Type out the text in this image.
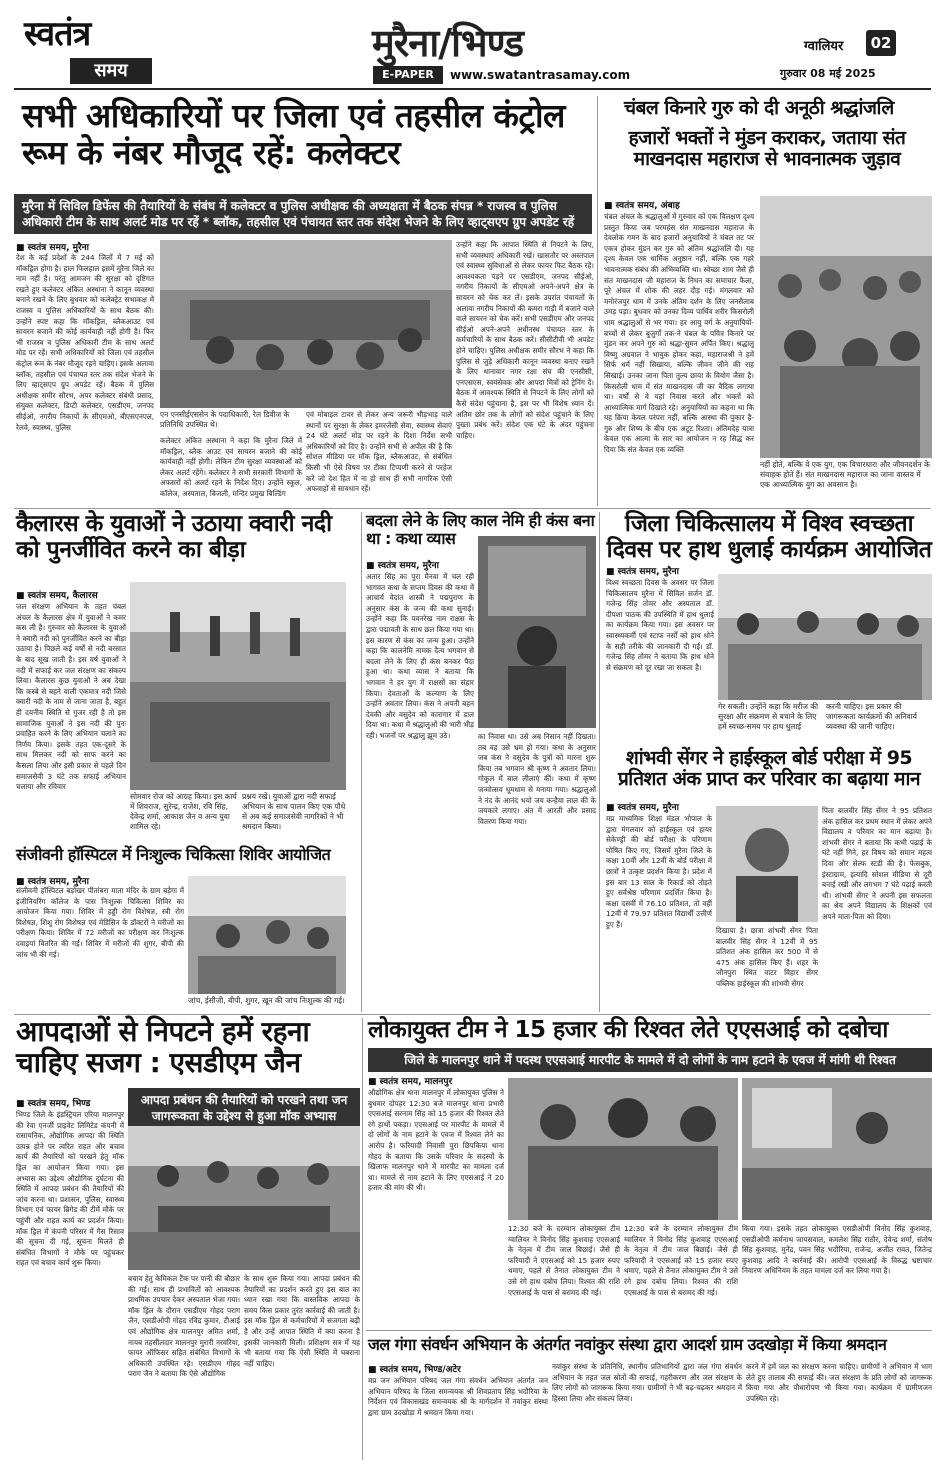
स्वतंत्र
समय
मुरैना/भिण्ड
E-PAPER	www.swatantrasamay.com
ग्वालियर	02
गुरुवार 08 मई 2025
सभी अधिकारियों पर जिला एवं तहसील कंट्रोल रूम के नंबर मौजूद रहें: कलेक्टर
मुरैना में सिविल डिफेंस की तैयारियों के संबंध में कलेक्टर व पुलिस अधीक्षक की अध्यक्षता में बैठक संपन्न * राजस्व व पुलिस अधिकारी टीम के साथ अलर्ट मोड पर रहें * ब्लॉक, तहसील एवं पंचायत स्तर तक संदेश भेजने के लिए व्हाट्सएप ग्रुप अपडेट रहें
■ स्वतंत्र समय, मुरैना
देश के कई प्रदेशों के 244 जिलों में 7 मई को मॉकड्रिल होगा है। हाल फिलहाल इसमें मुरैना जिले का नाम नहीं है। परंतु आमजन की सुरक्षा को दृष्टिगत रखते हुए कलेक्टर अंकित अस्थाना ने कानून व्यवस्था बनाने रखने के लिए बुधवार को कलेक्ट्रेट सभाकक्ष में राजस्व व पुलिस अधिकारियों के साथ बैठक की। उन्होंने स्पष्ट कहा कि मॉकड्रिल, ब्लैकआउट एवं सायरन बजाने की कोई कार्यवाही नहीं होगी है। फिर भी राजस्व व पुलिस अधिकारी टीम के साथ अलर्ट मोड पर रहें। सभी अधिकारियों को जिला एवं तहसील कंट्रोल रूम के नंबर मौजूद रहने चाहिए। इसके अलावा ब्लॉक, तहसील एवं पंचायत स्तर तक संदेश भेजने के लिए व्हाट्सएप ग्रुप अपडेट रहें। बैठक में पुलिस अधीक्षक समीर सौरभ, अपर कलेक्टर संबंधी प्रसाद, संयुक्त कलेक्टर, डिप्टी कलेक्टर, एसडीएम, जनपद सीईओ, नगरीय निकायों के सीएमओ, बीएसएनएल, रेलवे, स्वास्थ्य, पुलिस
एन एनसीईएससेन के पदाधिकारी, रेल डिवीज के प्रतिनिधि उपस्थित थे।
कलेक्टर अंकित अस्थाना ने कहा कि मुरैना जिले में मॉकड्रिल, ब्लैक आउट एवं सायरन बजाने की कोई कार्यवाही नहीं होगी। लेकिन टीम सुरक्षा व्यवस्थाओं को लेकर अलर्ट रहेंगे। कलेक्टर ने सभी सरकारी विभागों के अफसरों को अलर्ट रहने के निर्देश दिए। उन्होंने स्कूल, कॉलेज, अस्पताल, बिजली, मन्दिर प्रमुख बिल्डिंग
एवं मोबाइल टावर से लेकर अन्य जरूरी भीड़भाड़ वाले स्थानों पर सुरक्षा के लेकर इमरजेंसी सेवा, स्वास्थ्य सेवाएं 24 घंटे अलर्ट मोड पर रहने के दिशा निर्देश सभी अधिकारियों को दिए है। उन्होंने सभी से अपील की है कि सोशल मीडिया पर मॉक ड्रिल, ब्लैकआउट, से संबंधित किसी भी ऐसे विषय पर टीका टिप्पणी करने से परहेज करें जो देश हित में ना हो साथ ही सभी नागरिक ऐसी अफवाहों से सावधान रहें।
उन्होंने कहा कि आपात स्थिति से निपटने के लिए, सभी व्यवस्थाएं अधिकारी रखें। खासतौर पर अस्तपाल एवं स्वास्थ्य सुविधाओं से लेकर फायर फिट बैठक रहें। आवश्यकता पड़ने पर एसडीएम, जनपद सीईओ, नगरीय निकायों के सीएमओ अपने-अपने क्षेत्र के सायरन को चेक कर लें। इसके उपरांत पंचायतों के अलावा नगरीय निकायों की कमरा गाड़ी में बजाने वाले वाले सायरन को चेक करें। सभी एसडीएम और जनपद सीईओ अपने-अपने अधीनस्थ पंचायत स्तर के कर्मचारियों के साथ बैठक करें। सीसीटीवी भी अपडेट होने चाहिए। पुलिस अधीक्षक समीर सौरभ ने कहा कि पुलिस से जुड़े अधिकारी कानून व्यवस्था बनाए रखने के लिए थानावार नगर रक्षा संघ की एनसीसी, एनएसएस, स्वयंसेवक और आपदा मित्रों को ट्रेनिंग दें। बैठक में आवश्यक स्थिति से निपटने के लिए लोगों को कैसे संदेश पहुंचाना है, इस पर भी विशेष ध्यान दें। अतिम छोर तक के लोगों को संदेश पहुंचाने के लिए पुख्ता प्रबंध करें। संदेश एक घंटे के अंदर पहुंचना चाहिए।
चंबल किनारे गुरु को दी अनूठी श्रद्धांजलि
हजारों भक्तों ने मुंडन कराकर, जताया संत माखनदास महाराज से भावनात्मक जुड़ाव
■ स्वतंत्र समय, अंबाह
चंबल अंचल के श्रद्धालुओं में गुरुवार को एक विलक्षण दृश्य प्रस्तुत किया जब परमहंस संत माखनदास महाराज के देवलोक गमन के बाद हजारों अनुयायियों ने चंबल तट पर एकत्र होकर मुंडन कर गुरु को अंतिम श्रद्धांजलि दी। यह दृश्य केवल एक धार्मिक अनुष्ठान नहीं, बल्कि एक गहरे भावनात्मक संबंध की अभिव्यक्ति था। स्वेच्छा शाम जैसे ही संत माखनदास जी महाराज के निधन का समाचार फैला, पूरे अंचल में शोक की लहर दौड़ गई। मंगलवार को मनोरंजपुर धाम में उनके अंतिम दर्शन के लिए जनसैलाब उमड़ पड़ा। बुधवार को उनका दिव्य पार्थिव शरीर किसरोली धाम श्रद्धालुओं से भर गया। हर आयु वर्ग के अनुयायियों-बच्चों से लेकर बुजुर्गों तक-ने चंबल के पवित्र किनारे पर मुंडन कर अपने गुरु को श्रद्धा-सुमन अर्पित किए। श्रद्धालु विष्णु अग्रवाल ने भावुक होकर कहा, महाराजश्री ने हमें सिर्फ धर्म नहीं सिखाया, बल्कि जीवन जीने की राह सिखाई। उनका जाना पिता तुल्य छाया के वियोग जैसा है। किसरोली धाम में संत माखनदास जी का वैदिक लगाया था। वर्षों से वे यहां निवास करते और भक्तों को आध्यात्मिक मार्ग दिखाते रहे। अनुयायियों का कहना था कि यह क्रिया केवल परंपरा नहीं, बल्कि आस्था की पुकार है-गुरु और शिष्य के बीच एक अटूट रिश्ता। अंतिमदेह यात्रा केवल एक आत्मा के सार का आयोजन न रह सिद्ध कर दिया कि संत केवल एक व्यक्ति
नहीं होते, बल्कि वे एक युग, एक विचारधारा और जीवनदर्शन के संवाहक होते हैं। संत माखनदास महाराज का जाना वास्तव में एक आध्यात्मिक युग का अवसान है।
कैलारस के युवाओं ने उठाया क्वारी नदी को पुनर्जीवित करने का बीड़ा
■ स्वतंत्र समय, कैलारस
जल संरक्षण अभियान के तहत चंबल अंचल के कैलारस क्षेत्र में युवाओं ने कमर कस ली है। गुरुवार को कैलारस के युवाओं ने क्वारी नदी को पुनर्जीवित करने का बीड़ा उठाया है। पिछले कई वर्षों से नदी बरसात के बाद सूख जाती है। इस वर्ष युवाओं ने नदी में सफाई कर जल संरक्षण का संकल्प लिया। कैलारस कुछ युवाओं ने अब देखा कि कस्बे से बहने वाली एकमात्र नदी जिसे क्वारी नदी के नाम से जाना जाता है, बहुत ही दयनीय स्थिति से गुजर रही है तो इस सामाजिक युवाओं ने इस नदी की पुनः प्रवाहित करने के लिए अभियान चलाने का निर्णय किया। इसके तहत एक-दूसरे के साथ मिलकर नदी को साफ करने का कैसला लिया और इसी प्रकार से पहले दिन समाजसेवी 3 घंटे तक सफाई अभियान चलाया और रविवार
सोमवार रोज को आग्रह किया। इस कार्य में शिवराज, सुरेन्द्र, राजेश, रवि सिंह, देवेन्द्र शर्मा, आकाश जैन व अन्य युवा शामिल रहे।
प्रश्नय रखें। युवाओं द्वारा नदी सफाई अभियान के साथ पालन किए एक पौधे से अब कई समाजसेवी नागरिकों ने भी श्रमदान किया।
संजीवनी हॉस्पिटल में निःशुल्क चिकित्सा शिविर आयोजित
■ स्वतंत्र समय, मुरैना
संजीवनी हॉस्पिटल बड़ोखर पीतांबरा माता मंदिर के ग्राम बड़ेगा में इंजीनियरिंग कॉलेज के पास निःशुल्क चिकित्सा शिविर का आयोजन किया गया। शिविर में हड्डी रोग विशेषज्ञ, स्त्री रोग विशेषज्ञ, शिशु रोग विशेषज्ञ एवं मेडिसिन के डॉक्टरों ने मरीजों का परीक्षण किया। शिविर में 72 मरीजों का परीक्षण कर निःशुल्क दवाइयां वितरित की गईं। शिविर में मरीजों की शुगर, बीपी की जांच भी की गई।
जांच, ईसीजी, बीपी, शुगर, खून की जांच निःशुल्क की गई।
बदला लेने के लिए काल नेमि ही कंस बना था : कथा व्यास
■ स्वतंत्र समय, मुरैना
अतार सिंह का पुरा मैनवा में चल रही भागवत कथा के सप्तम दिवस की कथा में आचार्य वेदांत शास्त्री ने पद्मपुराण के अनुसार कंस के जन्म की कथा सुनाई। उन्होंने कहा कि पवनरेख नाम राक्षस के द्वारा पद्मावती के साथ छल किया गया था। इस कारण से कंस का जन्म हुआ। उन्होंने कहा कि कालनेमि नामक दैत्य भगवान से बदला लेने के लिए ही कंस बनकर पैदा हुआ था। कथा व्यास ने बताया कि भगवान ने हर युग में राक्षसों का संहार किया। देवताओं के कल्याण के लिए उन्होंने अवतार लिया। कंस ने अपनी बहन देवकी और वसुदेव को कारागार में डाल दिया था। कथा में श्रद्धालुओं की भारी भीड़ रही। भजनों पर श्रद्धालु झूम उठे।	का निवास था। उसे अब निसान नहीं दिखता। तब वह उसे भ्रम हो गया। कथा के अनुसार जब कंस ने वसुदेव के पुत्रों को मारना शुरू किया तब भगवान श्री कृष्ण ने अवतार लिया। गोकुल में बाल लीलाएं कीं। कथा में कृष्ण जन्मोत्सव धूमधाम से मनाया गया। श्रद्धालुओं ने नंद के आनंद भयो जय कन्हैया लाल की के जयकारे लगाए। अंत में आरती और प्रसाद वितरण किया गया।
जिला चिकित्सालय में विश्व स्वच्छता दिवस पर हाथ धुलाई कार्यक्रम आयोजित
■ स्वतंत्र समय, मुरैना
विश्व स्वच्छता दिवस के अवसर पर जिला चिकित्सालय मुरैना में सिविल सर्जन डॉ. गजेन्द्र सिंह तोमर और अस्पताल डॉ. दीपशा पाठक की उपस्थिति में हाथ धुलाई का कार्यक्रम किया गया। इस अवसर पर स्वास्थ्यकर्मी एवं स्टाफ नर्सों को हाथ धोने के सही तरीके की जानकारी दी गई। डॉ. गजेन्द्र सिंह तोमर ने बताया कि हाथ धोने से संक्रमण को दूर रखा जा सकता है।
गेर सकती। उन्होंने कहा कि मरीज की सुरक्षा और संक्रमण से बचाने के लिए हमें स्वच्छ-समय पर हाथ धुलाई
करनी चाहिए। इस प्रकार की जागरूकता कार्यक्रमों की अनिवार्य व्यवस्था की जानी चाहिए।
शांभवी सेंगर ने हाईस्कूल बोर्ड परीक्षा में 95 प्रतिशत अंक प्राप्त कर परिवार का बढ़ाया मान
■ स्वतंत्र समय, मुरैना
मप्र माध्यमिक शिक्षा मंडल भोपाल के द्वारा मंगलवार को हाईस्कूल एवं हायर सेकेण्ड्री की बोर्ड परीक्षा के परिणाम घोषित किए गए, जिसमें मुरैना जिले के कक्षा 10वीं और 12वीं के बोर्ड परीक्षा में छात्रों ने उत्कृष्ट प्रदर्शन किया है। प्रदेश में इस बार 13 साल के रिकार्ड को तोड़ते हुए सर्वश्रेष्ठ परिणाम प्रदर्शित किया है। कक्षा दसवीं में 76.10 प्रतिशत, तो वहीं 12वीं में 79.97 प्रतिशत विद्यार्थी उत्तीर्ण हुए हैं।
दिखाया है। छात्रा शांभवी सेंगर पिता बालवीर सिंह सेंगर ने 12वीं में 95 प्रतिशत अंक हासिल कर 500 में से 475 अंक हासिल किए हैं। शहर के जौनपुरा स्थित वाटर विहार सेंगर पब्लिक हाईस्कूल की शांभवी सेंगर
पिता बालवीर सिंह सेंगर ने 95 प्रतिशत अंक हासिल कर प्रथम स्थान में लेकर अपने विद्यालय व परिवार का मान बढ़ाया है। शांभवी सेंगर ने बताया कि कभी पढ़ाई के घंटे नहीं गिने, हर विषय को समान महत्व दिया और सेल्फ स्टडी की है। फेसबुक, इंस्टाग्राम, इत्यादि सोशल मीडिया से दूरी बनाई रखी और लगभग 7 घंटे पढ़ाई करती थी। शांभवी सेंगर ने अपनी इस सफलता का श्रेय अपने विद्यालय के शिक्षकों एवं अपने माता-पिता को दिया।
आपदाओं से निपटने हमें रहना चाहिए सजग : एसडीएम जैन
■ स्वतंत्र समय, भिण्ड
भिण्ड जिले के इंडस्ट्रियल एरिया मालनपुर की रेवा एनर्जी प्राइवेट लिमिटेड कंपनी में रासायनिक, औद्योगिक आपदा की स्थिति उत्पन्न होने पर त्वरित राहत और बचाव कार्य की तैयारियों को परखने हेतु मॉक ड्रिल का आयोजन किया गया। इस अभ्यास का उद्देश्य औद्योगिक दुर्घटना की स्थिति में आपदा प्रबंधन की तैयारियों की जांच करना था। प्रशासन, पुलिस, स्वास्थ्य विभाग एवं फायर ब्रिगेड की टीमें मौके पर पहुंची और राहत कार्य का प्रदर्शन किया। मॉक ड्रिल में कंपनी परिसर में गैस रिसाव की सूचना दी गई, सूचना मिलते ही संबंधित विभागों ने मौके पर पहुंचकर राहत एवं बचाव कार्य शुरू किया।
आपदा प्रबंधन की तैयारियों को परखने तथा जन जागरूकता के उद्देश्य से हुआ मॉक अभ्यास
बचाव हेतु केमिकल टैंक पर पानी की बौछार की गई। साथ ही प्रभावितों को आवश्यक प्राथमिक उपचार देकर अस्पताल भेजा गया। मॉक ड्रिल के दौरान एसडीएम गोहद पराग जैन, एसडीओपी गोहद रविंद्र कुमार, टीआई एवं औद्योगिक क्षेत्र मालनपुर अमित शर्मा, नायब तहसीलदार मालनपुर मुरारी नरवरिया, फायर ऑफिसर सहित संबंधित विभागों के अधिकारी उपस्थित रहे। एसडीएम गोहद पराग जैन ने बताया कि ऐसे औद्योगिक
के साथ शुरू किया गया। आपदा प्रबंधन की तैयारियों का प्रदर्शन करते हुए इस बात का ध्यान रखा गया कि वास्तविक आपदा के समय किस प्रकार तुरंत कार्रवाई की जाती है। इस मॉक ड्रिल से कर्मचारियों में सजगता बढ़ी है और उन्हें आपात स्थिति में क्या करना है इसकी जानकारी मिली। प्रशिक्षण सत्र में यह भी बताया गया कि ऐसी स्थिति में घबराना नहीं चाहिए।
लोकायुक्त टीम ने 15 हजार की रिश्वत लेते एएसआई को दबोचा
जिले के मालनपुर थाने में पदस्थ एएसआई मारपीट के मामले में दो लोगों के नाम हटाने के एवज में मांगी थी रिश्वत
■ स्वतंत्र समय, मालनपुर
औद्योगिक क्षेत्र थाना मालनपुर में लोकायुक्त पुलिस ने बुधवार दोपहर 12:30 बजे मालनपुर थाना प्रभारी एएसआई सरनाम सिंह को 15 हजार की रिश्वत लेते रंगे हाथों पकड़ा। एएसआई पर मारपीट के मामले में दो लोगों के नाम हटाने के एवज में रिश्वत लेने का आरोप है। फरियादी निवासी पुरा छिपकिया थाना गोहद के बताया कि उसके परिवार के सदस्यों के खिलाफ मालनपुर थाने में मारपीट का मामला दर्ज था। मामले से नाम हटाने के लिए एएसआई ने 20 हजार की मांग की थी।
12:30 बजे के दरम्यान लोकायुक्त टीम ग्वालियर ने विनोद सिंह कुशवाह एएसआई के नेतृत्व में टीम जाल बिछाई। जैसे ही फरियादी ने एएसआई को 15 हजार रुपए थमाए, पहले से तैनात लोकायुक्त टीम ने उसे रंगे हाथ दबोच लिया। रिश्वत की राशि एएसआई के पास से बरामद की गई।
12:30 बजे के दरम्यान लोकायुक्त टीम ग्वालियर ने विनोद सिंह कुशवाह एएसआई के नेतृत्व में टीम जाल बिछाई। जैसे ही फरियादी ने एएसआई को 15 हजार रुपए थमाए, पहले से तैनात लोकायुक्त टीम ने उसे रंगे हाथ दबोच लिया। रिश्वत की राशि एएसआई के पास से बरामद की गई।
किया गया। इसके तहत लोकायुक्त एसडीओपी विनोद सिंह कुशवाह, एसडीओपी कर्मनाथ जायसवाल, कमलेश सिंह राठौर, देवेन्द्र शर्मा, संतोष सिंह कुशवाह, मुनेंद्र, पवन सिंह भदौरिया, राजेन्द्र, अजीत रावत, जितेन्द्र कुशवाह आदि ने कार्रवाई की। आरोपी एएसआई के विरुद्ध भ्रष्टाचार निवारण अधिनियम के तहत मामला दर्ज कर लिया गया है।
जल गंगा संवर्धन अभियान के अंतर्गत नवांकुर संस्था द्वारा आदर्श ग्राम उदखोड़ा में किया श्रमदान
■ स्वतंत्र समय, भिण्ड/अटेर
मप्र जन अभियान परिषद जल गंगा संवर्धन अभियान अंतर्गत जन अभियान परिषद के जिला समन्वयक श्री शिवप्रताप सिंह भदौरिया के निर्देशन एवं विकासखंड समन्वयक श्री के मार्गदर्शन में नवांकुर संस्था द्वारा ग्राम उदखोड़ा में श्रमदान किया गया।
नवांकुर संस्था के प्रतिनिधि, स्थानीय प्रतिभागियों द्वारा जल गंगा संवर्धन अभियान के तहत जल स्रोतों की सफाई, गहरीकरण और जल संरक्षण के लिए लोगों को जागरूक किया गया। ग्रामीणों ने भी बढ़-चढ़कर श्रमदान में हिस्सा लिया और संकल्प लिया।
करने में हमें जल का संरक्षण करना चाहिए। ग्रामीणों ने अभियान में भाग लेते हुए तालाब की सफाई की। जल संरक्षण के प्रति लोगों को जागरूक किया गया और पौधारोपण भी किया गया। कार्यक्रम में ग्रामीणजन उपस्थित रहे।
